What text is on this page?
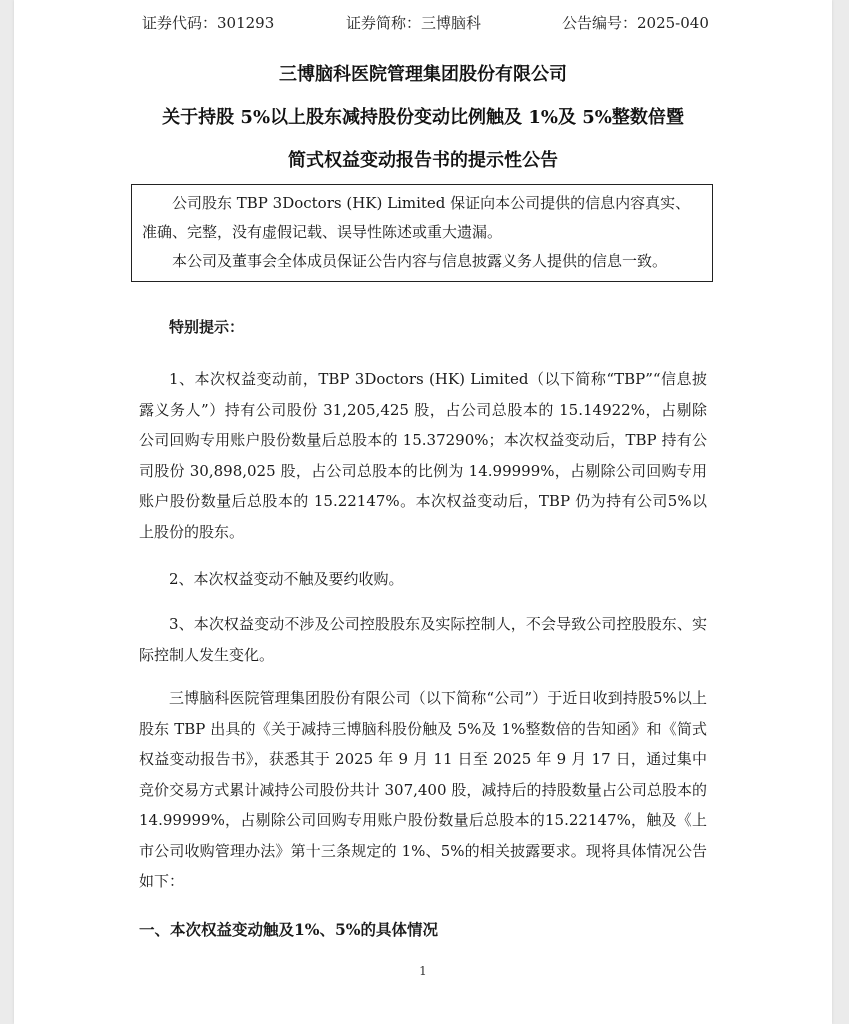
证券代码：301293	证券简称：三博脑科	公告编号：2025-040
三博脑科医院管理集团股份有限公司
关于持股 5%以上股东减持股份变动比例触及 1%及 5%整数倍暨
简式权益变动报告书的提示性公告

公司股东 TBP 3Doctors (HK) Limited 保证向本公司提供的信息内容真实、准确、完整，没有虚假记载、误导性陈述或重大遗漏。

本公司及董事会全体成员保证公告内容与信息披露义务人提供的信息一致。

特别提示：

1、本次权益变动前，TBP 3Doctors (HK) Limited（以下简称“TBP”“信息披露义务人”）持有公司股份 31,205,425 股，占公司总股本的 15.14922%，占剔除公司回购专用账户股份数量后总股本的 15.37290%；本次权益变动后，TBP 持有公司股份 30,898,025 股，占公司总股本的比例为 14.99999%，占剔除公司回购专用账户股份数量后总股本的 15.22147%。本次权益变动后，TBP 仍为持有公司5%以上股份的股东。

2、本次权益变动不触及要约收购。

3、本次权益变动不涉及公司控股股东及实际控制人，不会导致公司控股股东、实际控制人发生变化。

三博脑科医院管理集团股份有限公司（以下简称“公司”）于近日收到持股5%以上股东 TBP 出具的《关于减持三博脑科股份触及 5%及 1%整数倍的告知函》和《简式权益变动报告书》，获悉其于 2025 年 9 月 11 日至 2025 年 9 月 17 日，通过集中竞价交易方式累计减持公司股份共计 307,400 股，减持后的持股数量占公司总股本的 14.99999%，占剔除公司回购专用账户股份数量后总股本的15.22147%，触及《上市公司收购管理办法》第十三条规定的 1%、5%的相关披露要求。现将具体情况公告如下：

一、本次权益变动触及1%、5%的具体情况

1
